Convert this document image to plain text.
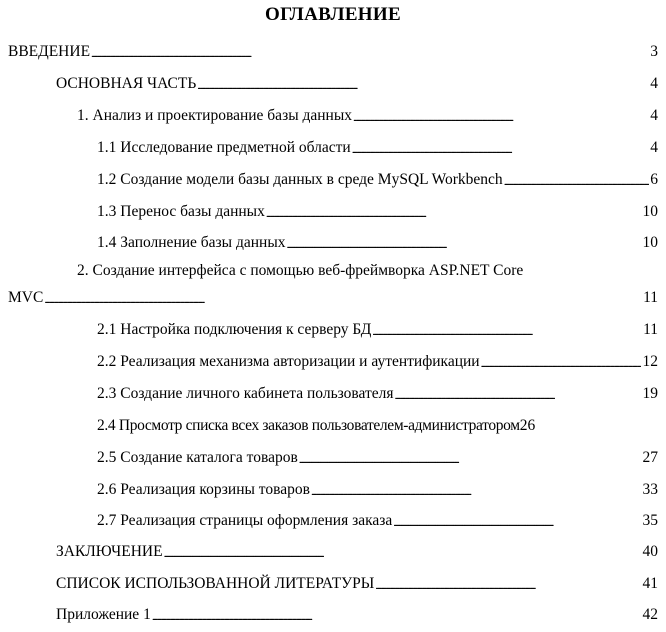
ОГЛАВЛЕНИЕ
ВВЕДЕНИЕ . . .	3
ОСНОВНАЯ ЧАСТЬ . . .	4
1. Анализ и проектирование базы данных . . .	4
1.1 Исследование предметной области . . .	4
1.2 Создание модели базы данных в среде MySQL Workbench . . .	6
1.3 Перенос базы данных . . .	10
1.4 Заполнение базы данных . . .	10
2. Создание интерфейса с помощью веб-фреймворка ASP.NET Core
MVC . . .	11
2.1 Настройка подключения к серверу БД . . .	11
2.2 Реализация механизма авторизации и аутентификации . . .	12
2.3 Создание личного кабинета пользователя . . .	19
2.4 Просмотр списка всех заказов пользователем-администратором 26
2.5 Создание каталога товаров . . .	27
2.6 Реализация корзины товаров . . .	33
2.7 Реализация страницы оформления заказа . . .	35
ЗАКЛЮЧЕНИЕ . . .	40
СПИСОК ИСПОЛЬЗОВАННОЙ ЛИТЕРАТУРЫ . . .	41
Приложение 1 . . .	42
